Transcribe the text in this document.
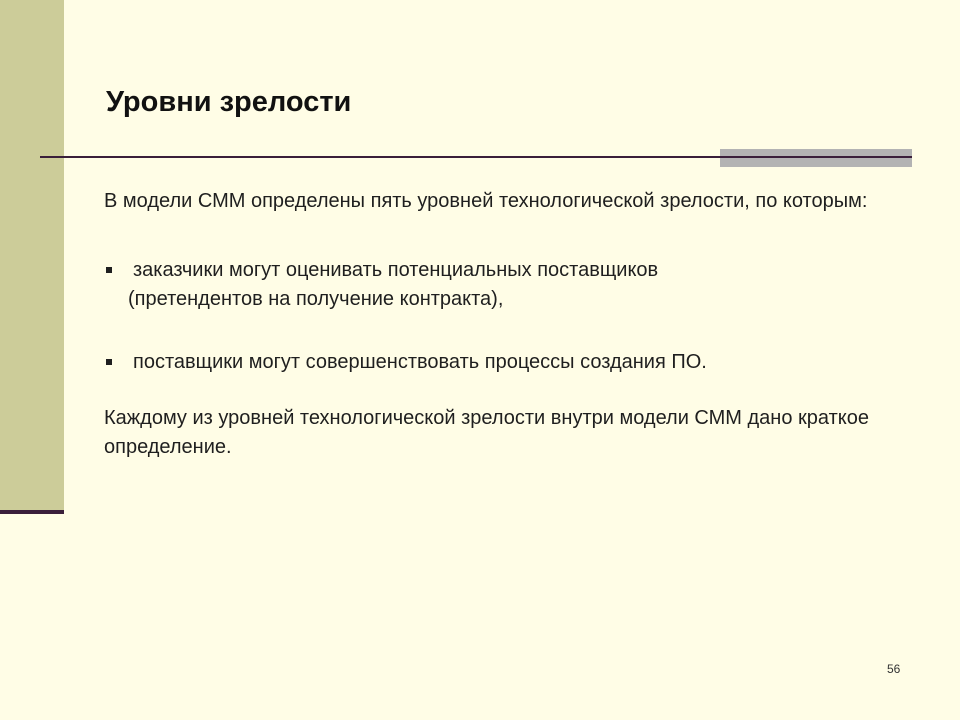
Уровни зрелости

В модели СММ определены пять уровней технологической зрелости, по которым:

заказчики могут оценивать потенциальных поставщиков
(претендентов на получение контракта),
поставщики могут совершенствовать процессы создания ПО.

Каждому из уровней технологической зрелости внутри модели СММ дано краткое определение.

56
